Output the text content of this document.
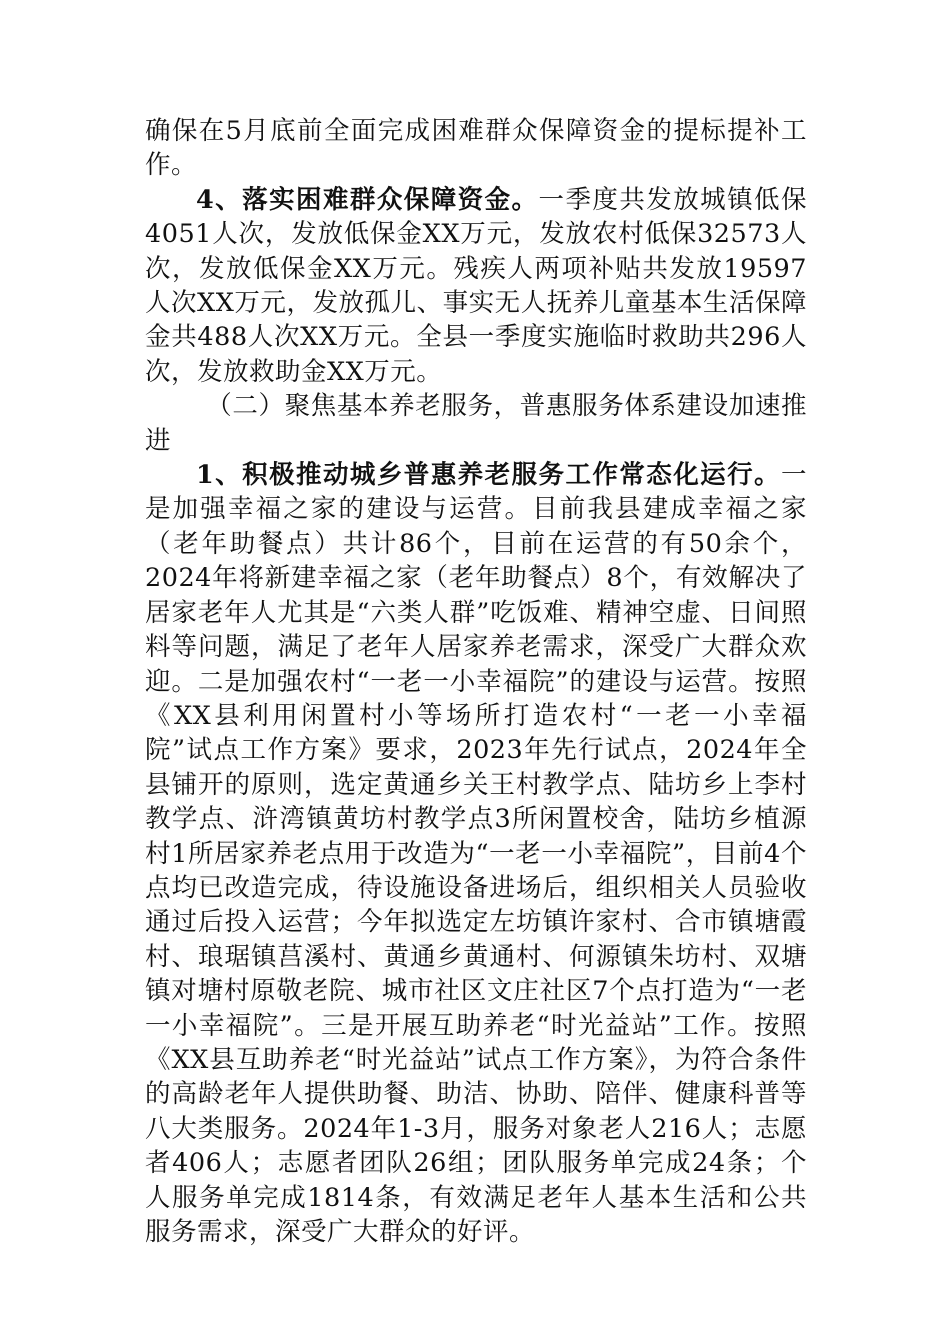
确保在5月底前全面完成困难群众保障资金的提标提补工作。

4、落实困难群众保障资金。一季度共发放城镇低保4051人次，发放低保金XX万元，发放农村低保32573人次，发放低保金XX万元。残疾人两项补贴共发放19597人次XX万元，发放孤儿、事实无人抚养儿童基本生活保障金共488人次XX万元。全县一季度实施临时救助共296人次，发放救助金XX万元。

（二）聚焦基本养老服务，普惠服务体系建设加速推进

1、积极推动城乡普惠养老服务工作常态化运行。一是加强幸福之家的建设与运营。目前我县建成幸福之家（老年助餐点）共计86个，目前在运营的有50余个，2024年将新建幸福之家（老年助餐点）8个，有效解决了居家老年人尤其是“六类人群”吃饭难、精神空虚、日间照料等问题，满足了老年人居家养老需求，深受广大群众欢迎。二是加强农村“一老一小幸福院”的建设与运营。按照《XX县利用闲置村小等场所打造农村“一老一小幸福院”试点工作方案》要求，2023年先行试点，2024年全县铺开的原则，选定黄通乡关王村教学点、陆坊乡上李村教学点、浒湾镇黄坊村教学点3所闲置校舍，陆坊乡植源村1所居家养老点用于改造为“一老一小幸福院”，目前4个点均已改造完成，待设施设备进场后，组织相关人员验收通过后投入运营；今年拟选定左坊镇许家村、合市镇塘霞村、琅琚镇莒溪村、黄通乡黄通村、何源镇朱坊村、双塘镇对塘村原敬老院、城市社区文庄社区7个点打造为“一老一小幸福院”。三是开展互助养老“时光益站”工作。按照《XX县互助养老“时光益站”试点工作方案》，为符合条件的高龄老年人提供助餐、助洁、协助、陪伴、健康科普等八大类服务。2024年1-3月，服务对象老人216人；志愿者406人；志愿者团队26组；团队服务单完成24条；个人服务单完成1814条，有效满足老年人基本生活和公共服务需求，深受广大群众的好评。
